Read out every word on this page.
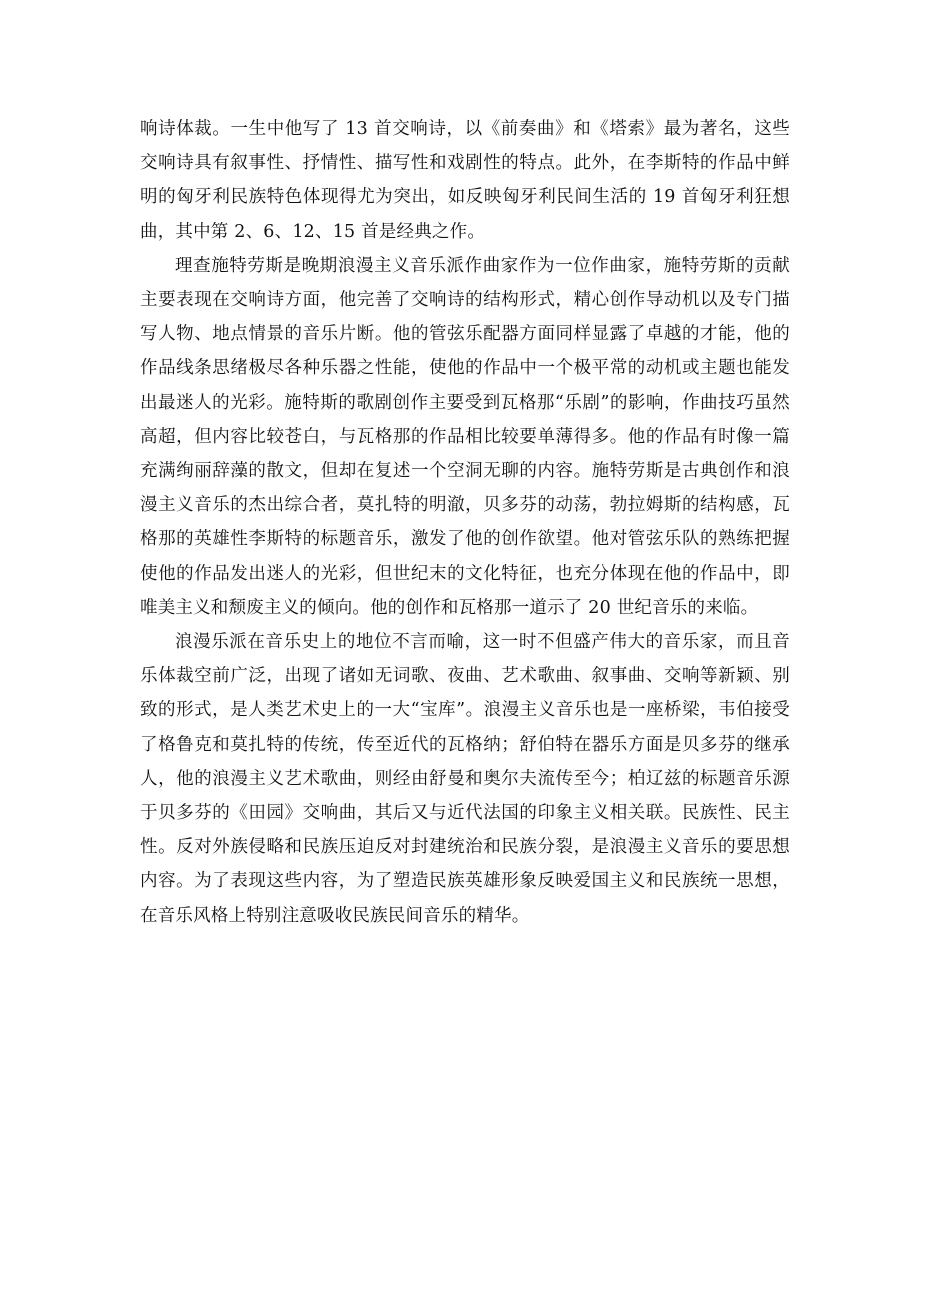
响诗体裁。一生中他写了 13 首交响诗，以《前奏曲》和《塔索》最为著名，这些交响诗具有叙事性、抒情性、描写性和戏剧性的特点。此外，在李斯特的作品中鲜明的匈牙利民族特色体现得尤为突出，如反映匈牙利民间生活的 19 首匈牙利狂想曲，其中第 2、6、12、15 首是经典之作。

理查施特劳斯是晚期浪漫主义音乐派作曲家作为一位作曲家，施特劳斯的贡献主要表现在交响诗方面，他完善了交响诗的结构形式，精心创作导动机以及专门描写人物、地点情景的音乐片断。他的管弦乐配器方面同样显露了卓越的才能，他的作品线条思绪极尽各种乐器之性能，使他的作品中一个极平常的动机或主题也能发出最迷人的光彩。施特斯的歌剧创作主要受到瓦格那“乐剧”的影响，作曲技巧虽然高超，但内容比较苍白，与瓦格那的作品相比较要单薄得多。他的作品有时像一篇充满绚丽辞藻的散文，但却在复述一个空洞无聊的内容。施特劳斯是古典创作和浪漫主义音乐的杰出综合者，莫扎特的明澈，贝多芬的动荡，勃拉姆斯的结构感，瓦格那的英雄性李斯特的标题音乐，激发了他的创作欲望。他对管弦乐队的熟练把握使他的作品发出迷人的光彩，但世纪末的文化特征，也充分体现在他的作品中，即唯美主义和颓废主义的倾向。他的创作和瓦格那一道示了 20 世纪音乐的来临。

浪漫乐派在音乐史上的地位不言而喻，这一时不但盛产伟大的音乐家，而且音乐体裁空前广泛，出现了诸如无词歌、夜曲、艺术歌曲、叙事曲、交响等新颖、别致的形式，是人类艺术史上的一大“宝库”。浪漫主义音乐也是一座桥梁，韦伯接受了格鲁克和莫扎特的传统，传至近代的瓦格纳；舒伯特在器乐方面是贝多芬的继承人，他的浪漫主义艺术歌曲，则经由舒曼和奥尔夫流传至今；柏辽兹的标题音乐源于贝多芬的《田园》交响曲，其后又与近代法国的印象主义相关联。民族性、民主性。反对外族侵略和民族压迫反对封建统治和民族分裂，是浪漫主义音乐的要思想内容。为了表现这些内容，为了塑造民族英雄形象反映爱国主义和民族统一思想，在音乐风格上特别注意吸收民族民间音乐的精华。
